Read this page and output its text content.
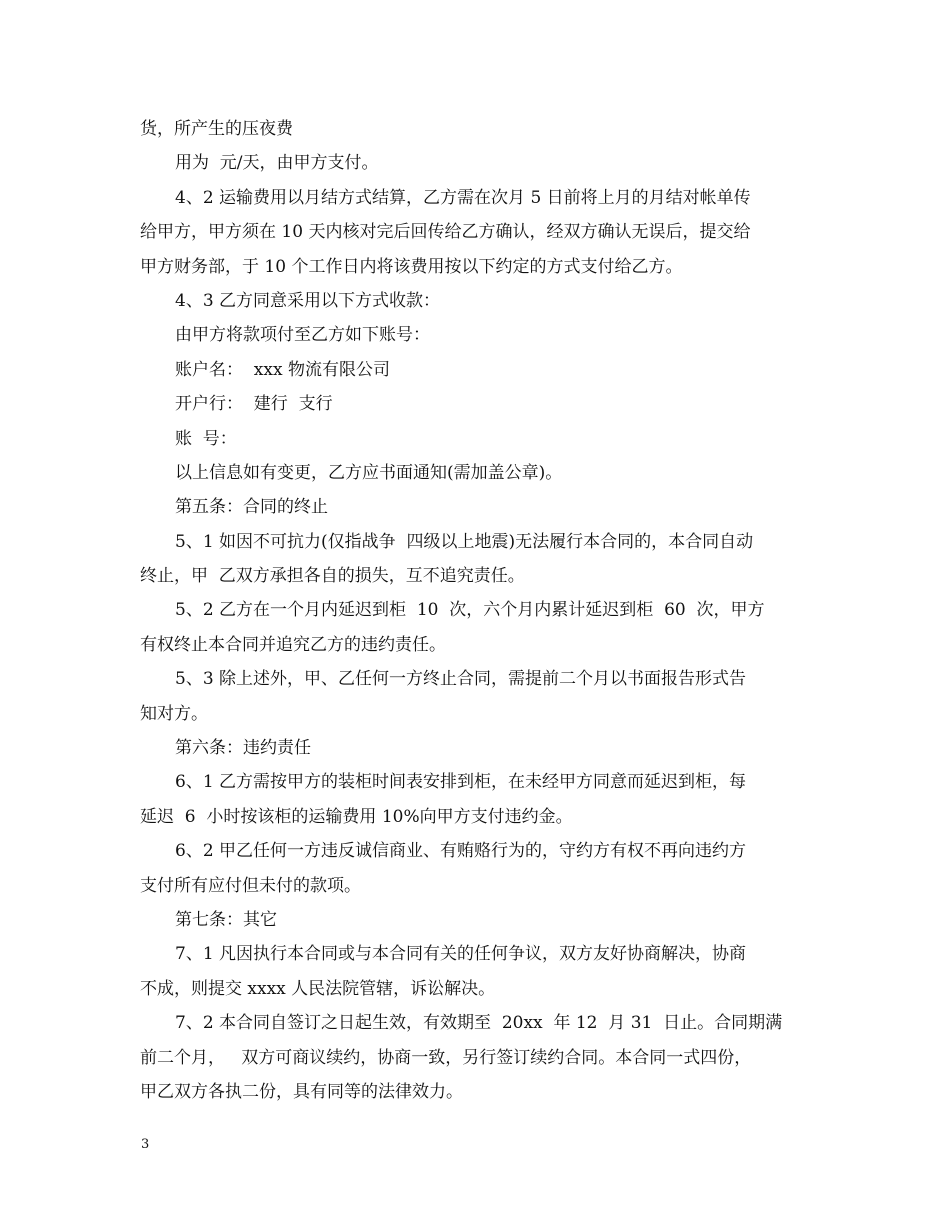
货，所产生的压夜费
用为  元/天，由甲方支付。
4、2 运输费用以月结方式结算，乙方需在次月 5 日前将上月的月结对帐单传
给甲方，甲方须在 10 天内核对完后回传给乙方确认，经双方确认无误后，提交给
甲方财务部，于 10 个工作日内将该费用按以下约定的方式支付给乙方。
4、3 乙方同意采用以下方式收款：
由甲方将款项付至乙方如下账号：
账户名：  xxx 物流有限公司
开户行：  建行  支行
账  号：
以上信息如有变更，乙方应书面通知(需加盖公章)。
第五条：合同的终止
5、1 如因不可抗力(仅指战争  四级以上地震)无法履行本合同的，本合同自动
终止，甲  乙双方承担各自的损失，互不追究责任。
5、2 乙方在一个月内延迟到柜  10  次，六个月内累计延迟到柜  60  次，甲方
有权终止本合同并追究乙方的违约责任。
5、3 除上述外，甲、乙任何一方终止合同，需提前二个月以书面报告形式告
知对方。
第六条：违约责任
6、1 乙方需按甲方的装柜时间表安排到柜，在未经甲方同意而延迟到柜，每
延迟  6  小时按该柜的运输费用 10%向甲方支付违约金。
6、2 甲乙任何一方违反诚信商业、有贿赂行为的，守约方有权不再向违约方
支付所有应付但未付的款项。
第七条：其它
7、1 凡因执行本合同或与本合同有关的任何争议，双方友好协商解决，协商
不成，则提交 xxxx 人民法院管辖，诉讼解决。
7、2 本合同自签订之日起生效，有效期至  20xx  年 12  月 31  日止。合同期满
前二个月，   双方可商议续约，协商一致，另行签订续约合同。本合同一式四份，
甲乙双方各执二份，具有同等的法律效力。
3
